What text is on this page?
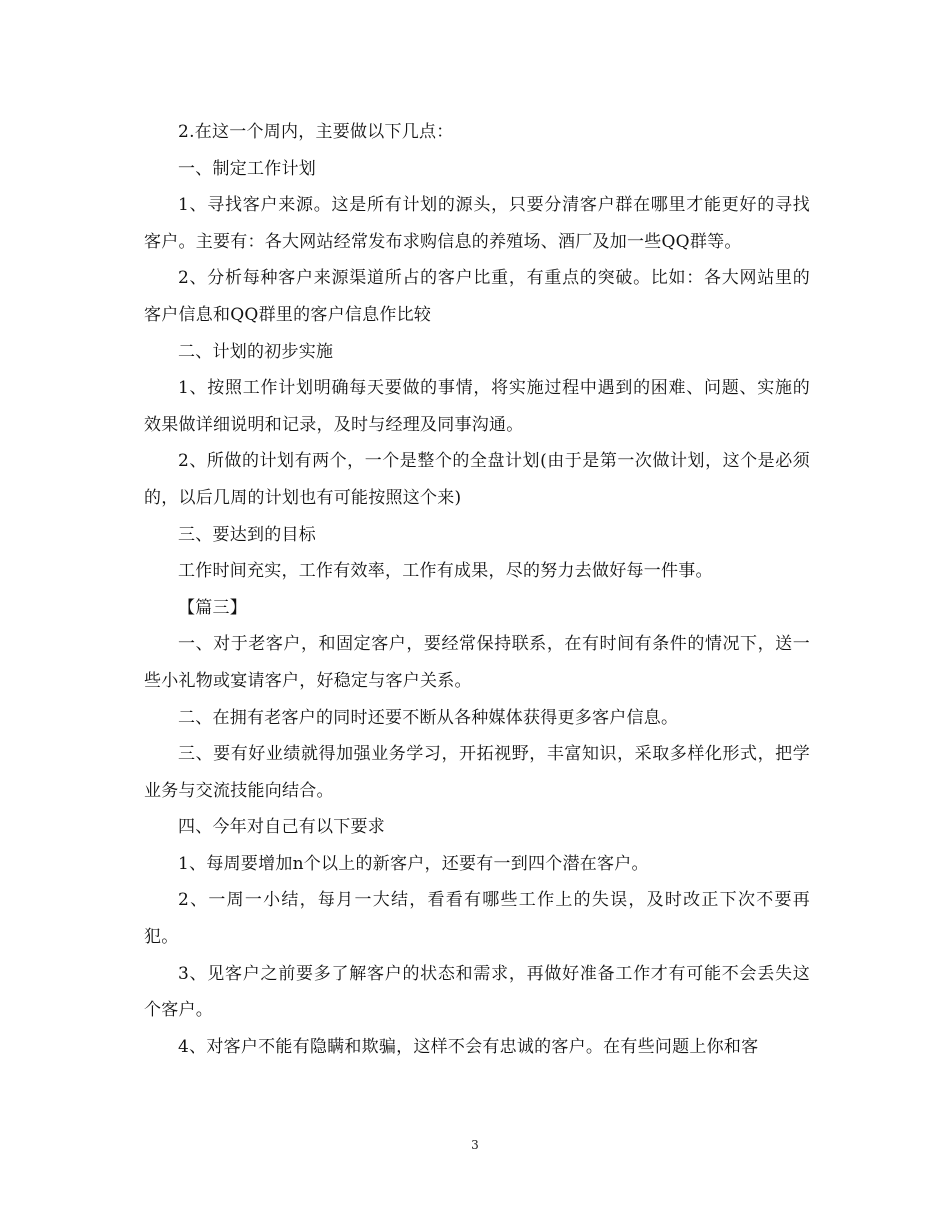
2.在这一个周内，主要做以下几点：

一、制定工作计划

1、寻找客户来源。这是所有计划的源头，只要分清客户群在哪里才能更好的寻找客户。主要有：各大网站经常发布求购信息的养殖场、酒厂及加一些QQ群等。

2、分析每种客户来源渠道所占的客户比重，有重点的突破。比如：各大网站里的客户信息和QQ群里的客户信息作比较

二、计划的初步实施

1、按照工作计划明确每天要做的事情，将实施过程中遇到的困难、问题、实施的效果做详细说明和记录，及时与经理及同事沟通。

2、所做的计划有两个，一个是整个的全盘计划(由于是第一次做计划，这个是必须的，以后几周的计划也有可能按照这个来)

三、要达到的目标

工作时间充实，工作有效率，工作有成果，尽的努力去做好每一件事。

【篇三】

一、对于老客户，和固定客户，要经常保持联系，在有时间有条件的情况下，送一些小礼物或宴请客户，好稳定与客户关系。

二、在拥有老客户的同时还要不断从各种媒体获得更多客户信息。

三、要有好业绩就得加强业务学习，开拓视野，丰富知识，采取多样化形式，把学业务与交流技能向结合。

四、今年对自己有以下要求

1、每周要增加n个以上的新客户，还要有一到四个潜在客户。

2、一周一小结，每月一大结，看看有哪些工作上的失误，及时改正下次不要再犯。

3、见客户之前要多了解客户的状态和需求，再做好准备工作才有可能不会丢失这个客户。

4、对客户不能有隐瞒和欺骗，这样不会有忠诚的客户。在有些问题上你和客

3
